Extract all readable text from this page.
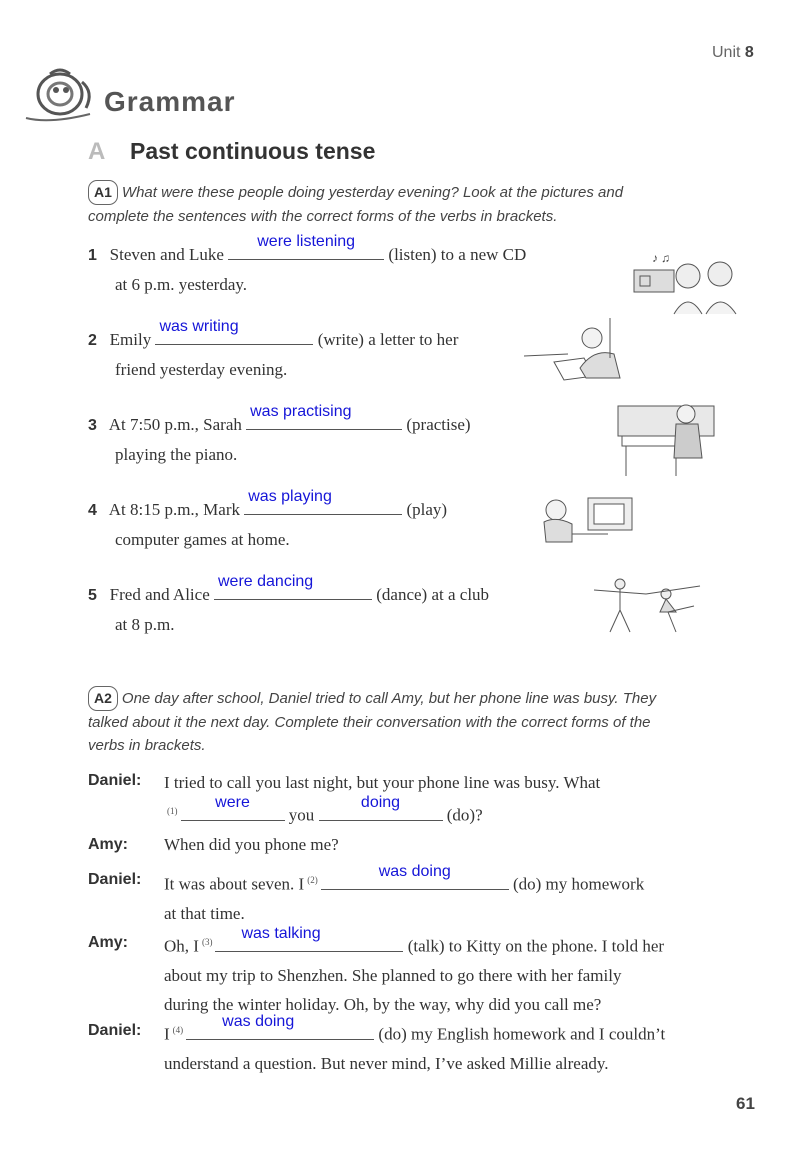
Unit 8
Grammar
A Past continuous tense
A1 What were these people doing yesterday evening? Look at the pictures and
complete the sentences with the correct forms of the verbs in brackets.
1 Steven and Luke
were listening
(listen) to a new CD
at 6 p.m. yesterday.
2 Emily
was writing
(write) a letter to her
friend yesterday evening.
3 At 7:50 p.m., Sarah
was practising
(practise)
playing the piano.
4 At 8:15 p.m., Mark
was playing
(play)
computer games at home.
5 Fred and Alice
were dancing
(dance) at a club
at 8 p.m.
♪ ♫
A2 One day after school, Daniel tried to call Amy, but her phone line was busy. They
talked about it the next day. Complete their conversation with the correct forms of the
verbs in brackets.
Daniel: I tried to call you last night, but your phone line was busy. What
$^{(1)}$
were
you
doing
(do)?
Amy: When did you phone me?
Daniel: It was about seven. I $^{(2)}$
was doing
(do) my homework
at that time.
Amy: Oh, I $^{(3)}$
was talking
(talk) to Kitty on the phone. I told her
about my trip to Shenzhen. She planned to go there with her family
during the winter holiday. Oh, by the way, why did you call me?
Daniel: I $^{(4)}$
was doing
(do) my English homework and I couldn’t
understand a question. But never mind, I’ve asked Millie already.
61
